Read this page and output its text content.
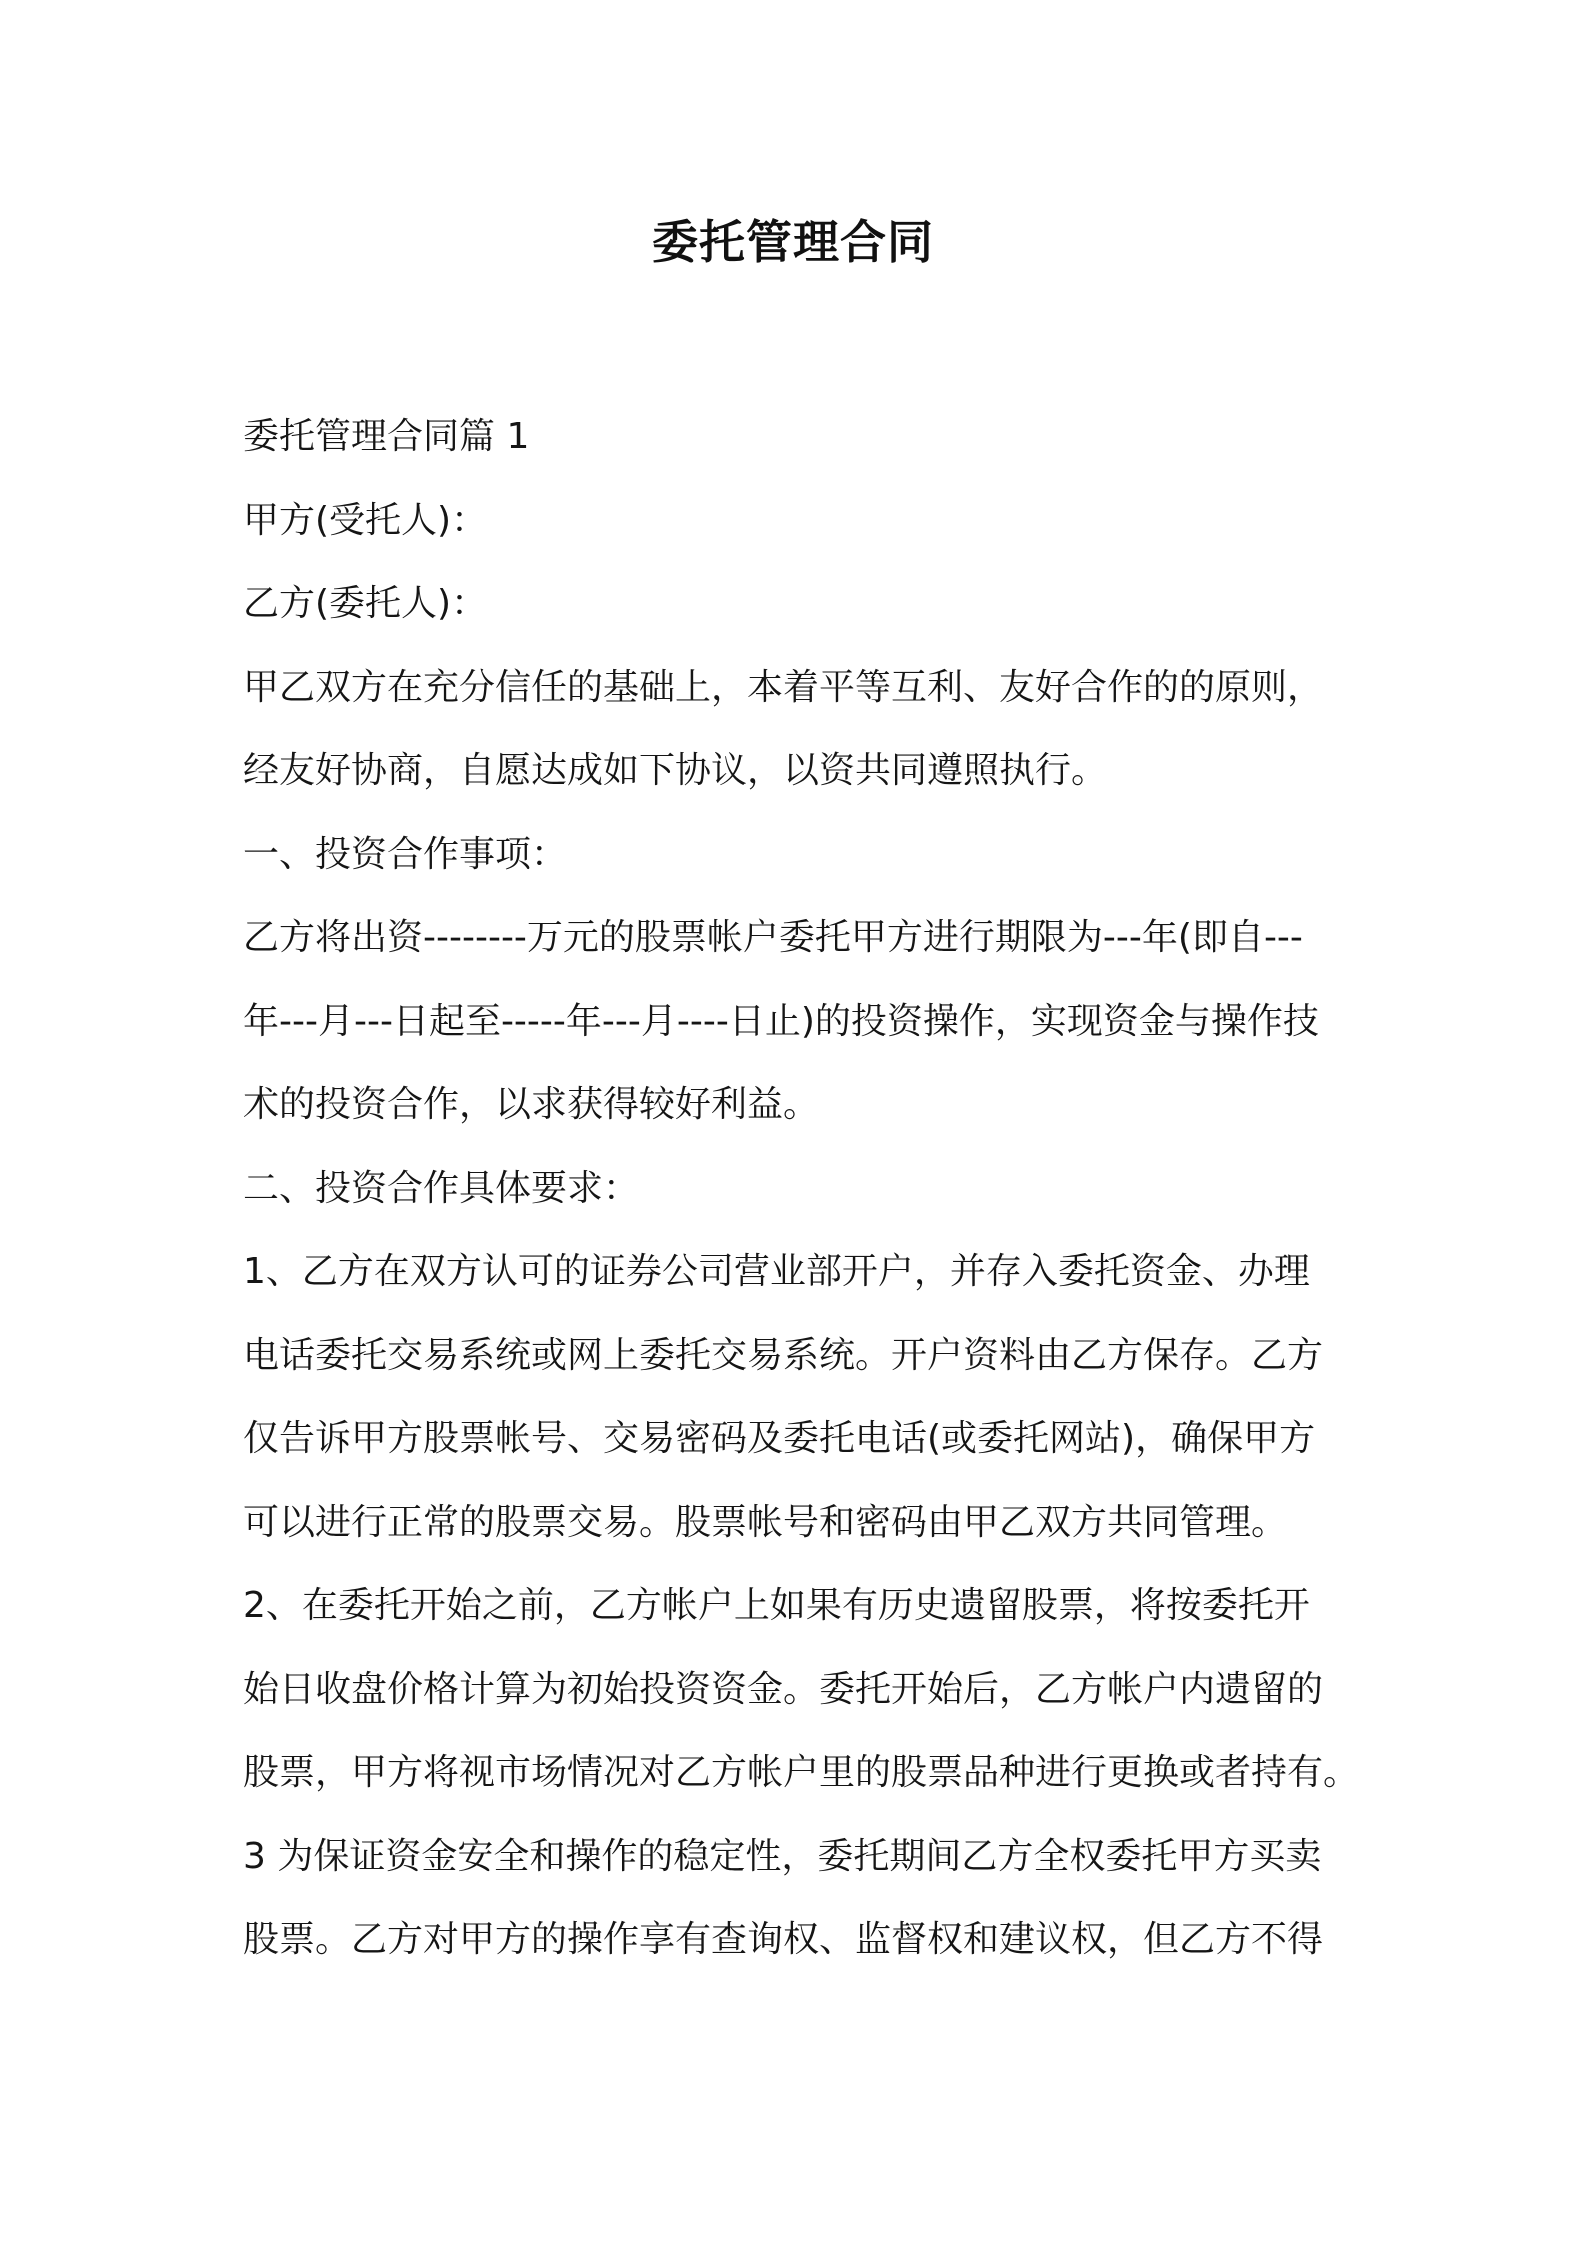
委托管理合同

委托管理合同篇 1

甲方(受托人)：

乙方(委托人)：

甲乙双方在充分信任的基础上，本着平等互利、友好合作的的原则，

经友好协商，自愿达成如下协议，以资共同遵照执行。

一、投资合作事项：

乙方将出资--------万元的股票帐户委托甲方进行期限为---年(即自---

年---月---日起至-----年---月----日止)的投资操作，实现资金与操作技

术的投资合作，以求获得较好利益。

二、投资合作具体要求：

1、乙方在双方认可的证券公司营业部开户，并存入委托资金、办理

电话委托交易系统或网上委托交易系统。开户资料由乙方保存。乙方

仅告诉甲方股票帐号、交易密码及委托电话(或委托网站)，确保甲方

可以进行正常的股票交易。股票帐号和密码由甲乙双方共同管理。

2、在委托开始之前，乙方帐户上如果有历史遗留股票，将按委托开

始日收盘价格计算为初始投资资金。委托开始后，乙方帐户内遗留的

股票，甲方将视市场情况对乙方帐户里的股票品种进行更换或者持有。

3 为保证资金安全和操作的稳定性，委托期间乙方全权委托甲方买卖

股票。乙方对甲方的操作享有查询权、监督权和建议权，但乙方不得
